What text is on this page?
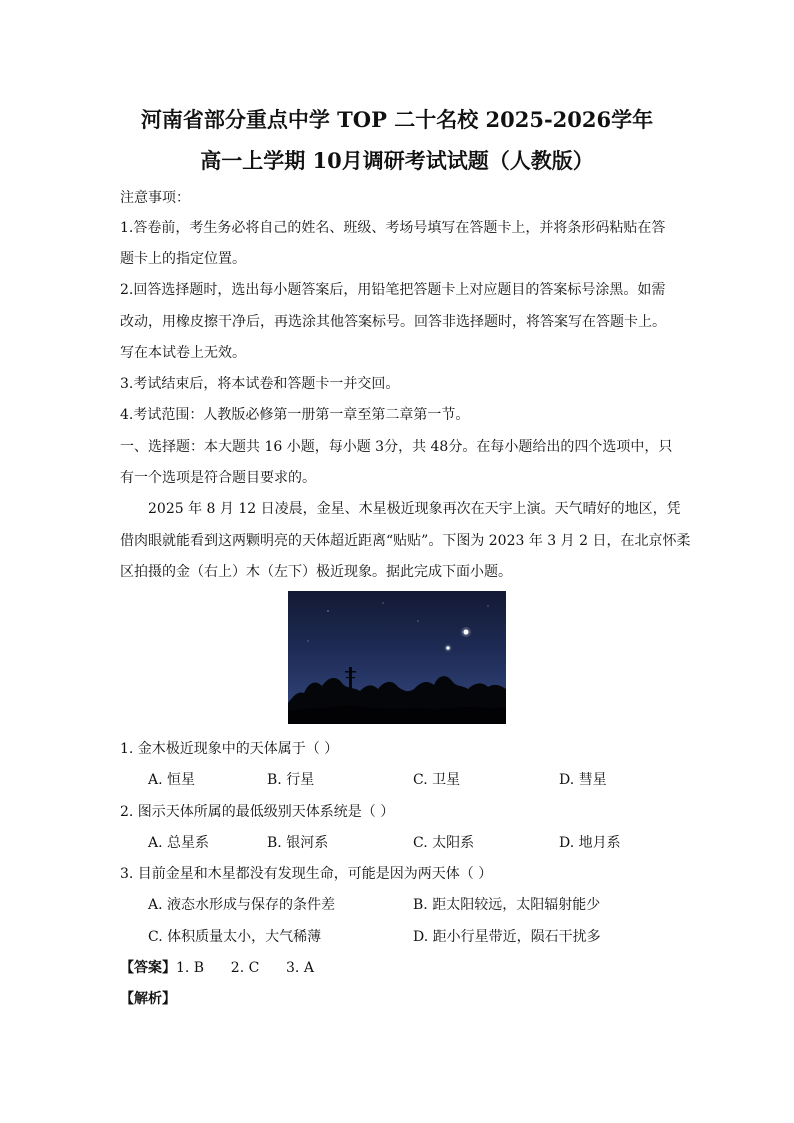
河南省部分重点中学 TOP 二十名校 2025-2026学年
高一上学期 10月调研考试试题（人教版）
注意事项：
1.答卷前，考生务必将自己的姓名、班级、考场号填写在答题卡上，并将条形码粘贴在答
题卡上的指定位置。
2.回答选择题时，选出每小题答案后，用铅笔把答题卡上对应题目的答案标号涂黑。如需
改动，用橡皮擦干净后，再选涂其他答案标号。回答非选择题时，将答案写在答题卡上。
写在本试卷上无效。
3.考试结束后，将本试卷和答题卡一并交回。
4.考试范围：人教版必修第一册第一章至第二章第一节。
一、选择题：本大题共 16 小题，每小题 3分，共 48分。在每小题给出的四个选项中，只
有一个选项是符合题目要求的。
2025 年 8 月 12 日凌晨，金星、木星极近现象再次在天宇上演。天气晴好的地区，凭
借肉眼就能看到这两颗明亮的天体超近距离“贴贴”。下图为 2023 年 3 月 2 日，在北京怀柔
区拍摄的金（右上）木（左下）极近现象。据此完成下面小题。
1. 金木极近现象中的天体属于（ ）
A. 恒星	B. 行星	C. 卫星	D. 彗星
2. 图示天体所属的最低级别天体系统是（ ）
A. 总星系	B. 银河系	C. 太阳系	D. 地月系
3. 目前金星和木星都没有发现生命，可能是因为两天体（ ）
A. 液态水形成与保存的条件差	B. 距太阳较远，太阳辐射能少
C. 体积质量太小，大气稀薄	D. 距小行星带近，陨石干扰多
【答案】1. B      2. C      3. A
【解析】
